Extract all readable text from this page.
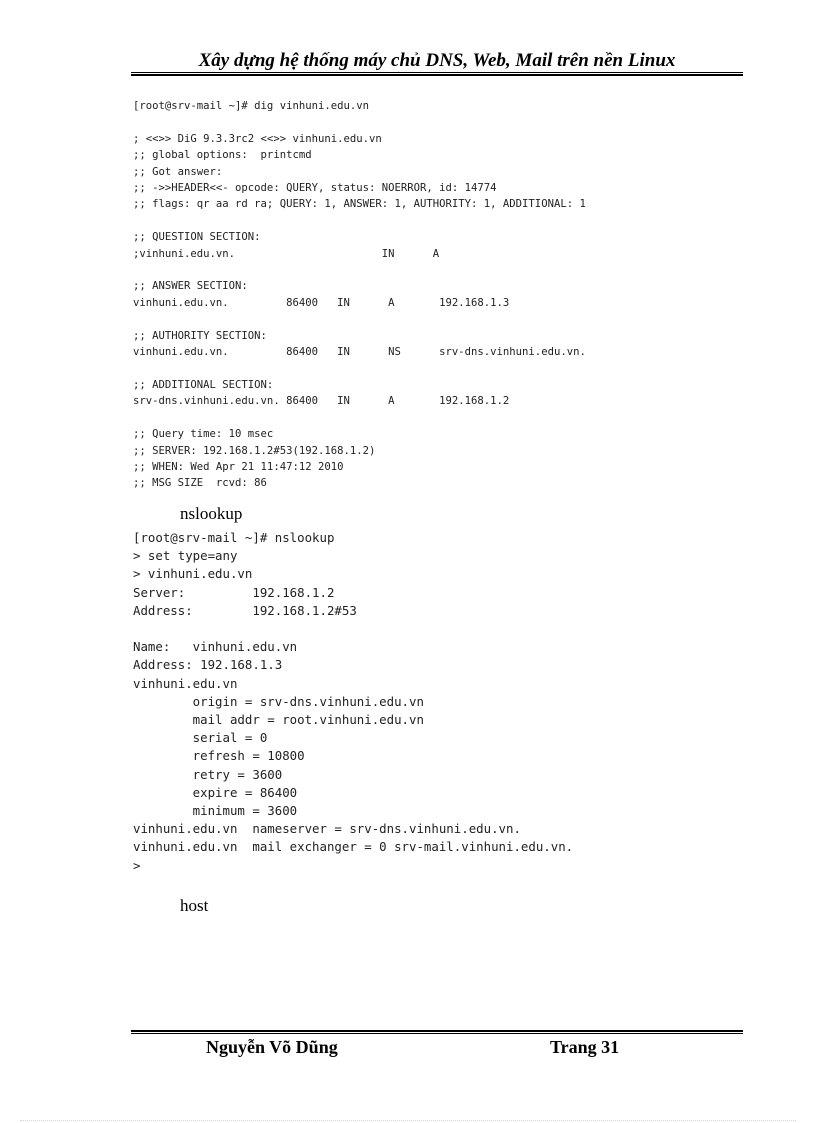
Xây dựng hệ thống máy chủ DNS, Web, Mail trên nền Linux
[root@srv-mail ~]# dig vinhuni.edu.vn

; <<>> DiG 9.3.3rc2 <<>> vinhuni.edu.vn
;; global options:  printcmd
;; Got answer:
;; ->>HEADER<<- opcode: QUERY, status: NOERROR, id: 14774
;; flags: qr aa rd ra; QUERY: 1, ANSWER: 1, AUTHORITY: 1, ADDITIONAL: 1

;; QUESTION SECTION:
;vinhuni.edu.vn.                       IN      A

;; ANSWER SECTION:
vinhuni.edu.vn.         86400   IN      A       192.168.1.3

;; AUTHORITY SECTION:
vinhuni.edu.vn.         86400   IN      NS      srv-dns.vinhuni.edu.vn.

;; ADDITIONAL SECTION:
srv-dns.vinhuni.edu.vn. 86400   IN      A       192.168.1.2

;; Query time: 10 msec
;; SERVER: 192.168.1.2#53(192.168.1.2)
;; WHEN: Wed Apr 21 11:47:12 2010
;; MSG SIZE  rcvd: 86

nslookup
[root@srv-mail ~]# nslookup
> set type=any
> vinhuni.edu.vn
Server:         192.168.1.2
Address:        192.168.1.2#53

Name:   vinhuni.edu.vn
Address: 192.168.1.3
vinhuni.edu.vn
origin = srv-dns.vinhuni.edu.vn
mail addr = root.vinhuni.edu.vn
serial = 0
refresh = 10800
retry = 3600
expire = 86400
minimum = 3600
vinhuni.edu.vn  nameserver = srv-dns.vinhuni.edu.vn.
vinhuni.edu.vn  mail exchanger = 0 srv-mail.vinhuni.edu.vn.
>

host
Nguyễn Võ Dũng	Trang 31
